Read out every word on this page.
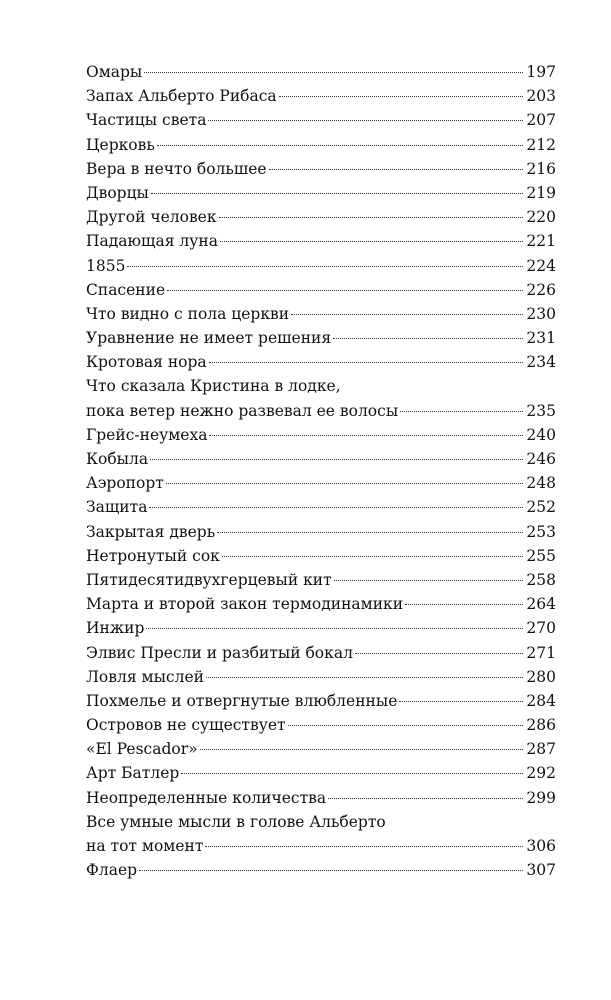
Омары	197
Запах Альберто Рибаса	203
Частицы света	207
Церковь	212
Вера в нечто большее	216
Дворцы	219
Другой человек	220
Падающая луна	221
1855	224
Спасение	226
Что видно с пола церкви	230
Уравнение не имеет решения	231
Кротовая нора	234
Что сказала Кристина в лодке,
пока ветер нежно развевал ее волосы	235
Грейс-неумеха	240
Кобыла	246
Аэропорт	248
Защита	252
Закрытая дверь	253
Нетронутый сок	255
Пятидесятидвухгерцевый кит	258
Марта и второй закон термодинамики	264
Инжир	270
Элвис Пресли и разбитый бокал	271
Ловля мыслей	280
Похмелье и отвергнутые влюбленные	284
Островов не существует	286
«El Pescador»	287
Арт Батлер	292
Неопределенные количества	299
Все умные мысли в голове Альберто
на тот момент	306
Флаер	307
